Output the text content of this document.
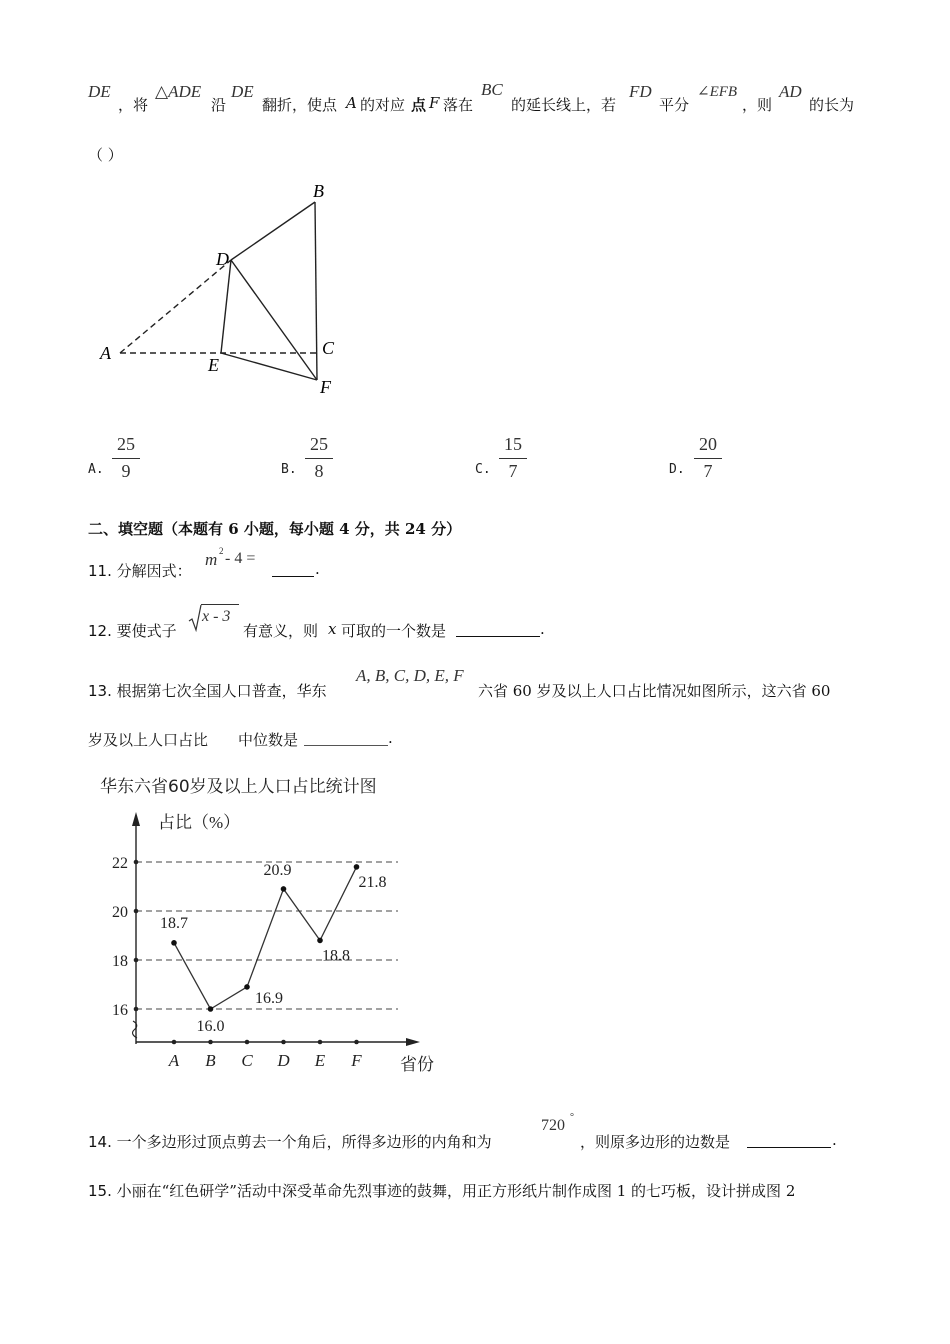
DE
，将
△ADE
沿
DE
翻折，使点 A 的对应 点 F 落在
BC
的延长线上，若
FD
平分
∠EFB
，则
AD
的长为
（ ）
A
B
C
D
E
F
A.
25
9	B.
25
8	C.
15
7	D.
20
7
二、填空题（本题有 6 小题，每小题 4 分，共 24 分）
11. 分解因式：
m 2 - 4 =
.
12. 要使式子
x - 3
有意义，则 x 可取的一个数是	.
13. 根据第七次全国人口普查，华东
A, B, C, D, E, F
六省 60 岁及以上人口占比情况如图所示，这六省 60
岁及以上人口占比 中位数是	.
华东六省60岁及以上人口占比统计图
16
18
20
22
占比（%）
省份
A B C D E F
18.7
16.0
16.9
20.9
18.8
21.8
14. 一个多边形过顶点剪去一个角后，所得多边形的内角和为
720 °
，则原多边形的边数是	.
15. 小丽在“红色研学”活动中深受革命先烈事迹的鼓舞，用正方形纸片制作成图 1 的七巧板，设计拼成图 2
